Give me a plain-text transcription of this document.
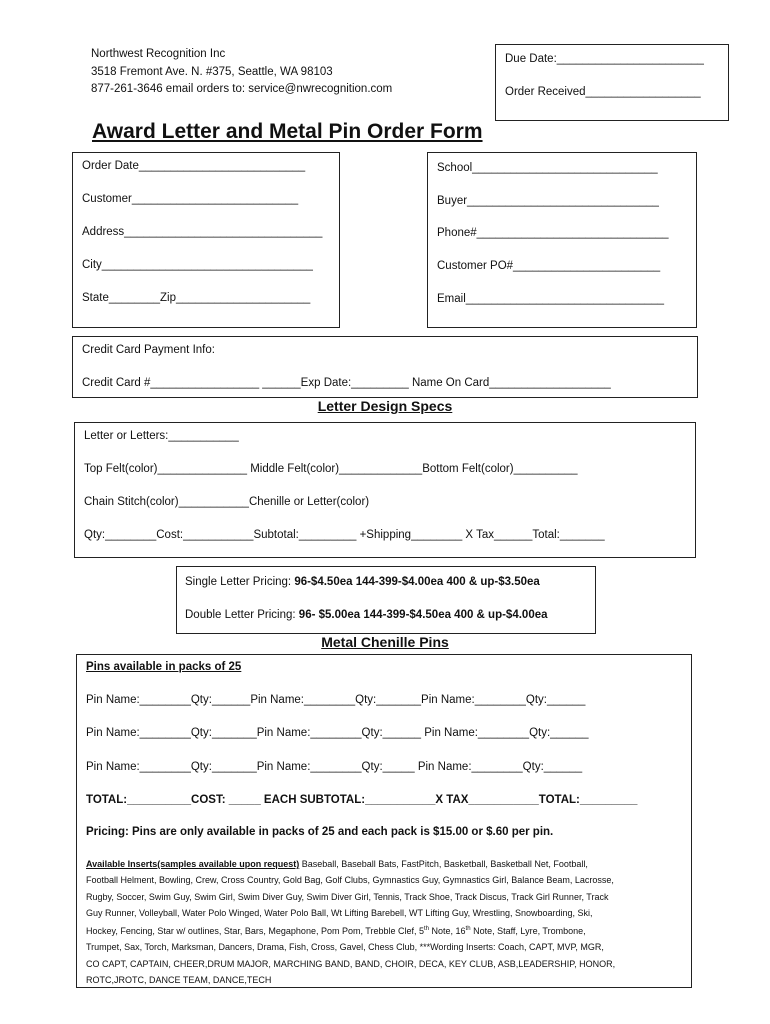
Northwest Recognition Inc
3518 Fremont Ave. N. #375, Seattle, WA 98103
877-261-3646 email orders to: service@nwrecognition.com
Due Date:_______________________
Order Received__________________
Award Letter and Metal Pin Order Form
Order Date__________________________
Customer__________________________
Address_______________________________
City_________________________________
State________Zip_____________________
School_____________________________
Buyer______________________________
Phone#______________________________
Customer PO#_______________________
Email_______________________________
Credit Card Payment Info:
Credit Card #_________________ ______Exp Date:_________ Name On Card___________________
Letter Design Specs
Letter or Letters:___________
Top Felt(color)______________ Middle Felt(color)_____________Bottom Felt(color)__________
Chain Stitch(color)___________Chenille or Letter(color)
Qty:________Cost:___________Subtotal:_________ +Shipping________ X Tax______Total:_______
Single Letter Pricing: 96-$4.50ea 144-399-$4.00ea 400 & up-$3.50ea
Double Letter Pricing: 96- $5.00ea 144-399-$4.50ea 400 & up-$4.00ea
Metal Chenille Pins
Pins available in packs of 25
Pin Name:________Qty:______Pin Name:________Qty:_______Pin Name:________Qty:______
Pin Name:________Qty:_______Pin Name:________Qty:______ Pin Name:________Qty:______
Pin Name:________Qty:_______Pin Name:________Qty:_____ Pin Name:________Qty:______
TOTAL:__________COST: _____ EACH SUBTOTAL:___________X TAX___________TOTAL:_________
Pricing: Pins are only available in packs of 25 and each pack is $15.00 or $.60 per pin.
Available Inserts(samples available upon request) Baseball, Baseball Bats, FastPitch, Basketball, Basketball Net, Football,
Football Helment, Bowling, Crew, Cross Country, Gold Bag, Golf Clubs, Gymnastics Guy, Gymnastics Girl, Balance Beam, Lacrosse,
Rugby, Soccer, Swim Guy, Swim Girl, Swim Diver Guy, Swim Diver Girl, Tennis, Track Shoe, Track Discus, Track Girl Runner, Track
Guy Runner, Volleyball, Water Polo Winged, Water Polo Ball, Wt Lifting Barebell, WT Lifting Guy, Wrestling, Snowboarding, Ski,
Hockey, Fencing, Star w/ outlines, Star, Bars, Megaphone, Pom Pom, Trebble Clef, 5th Note, 16th Note, Staff, Lyre, Trombone,
Trumpet, Sax, Torch, Marksman, Dancers, Drama, Fish, Cross, Gavel, Chess Club, ***Wording Inserts: Coach, CAPT, MVP, MGR,
CO CAPT, CAPTAIN, CHEER,DRUM MAJOR, MARCHING BAND, BAND, CHOIR, DECA, KEY CLUB, ASB,LEADERSHIP, HONOR,
ROTC,JROTC, DANCE TEAM, DANCE,TECH
